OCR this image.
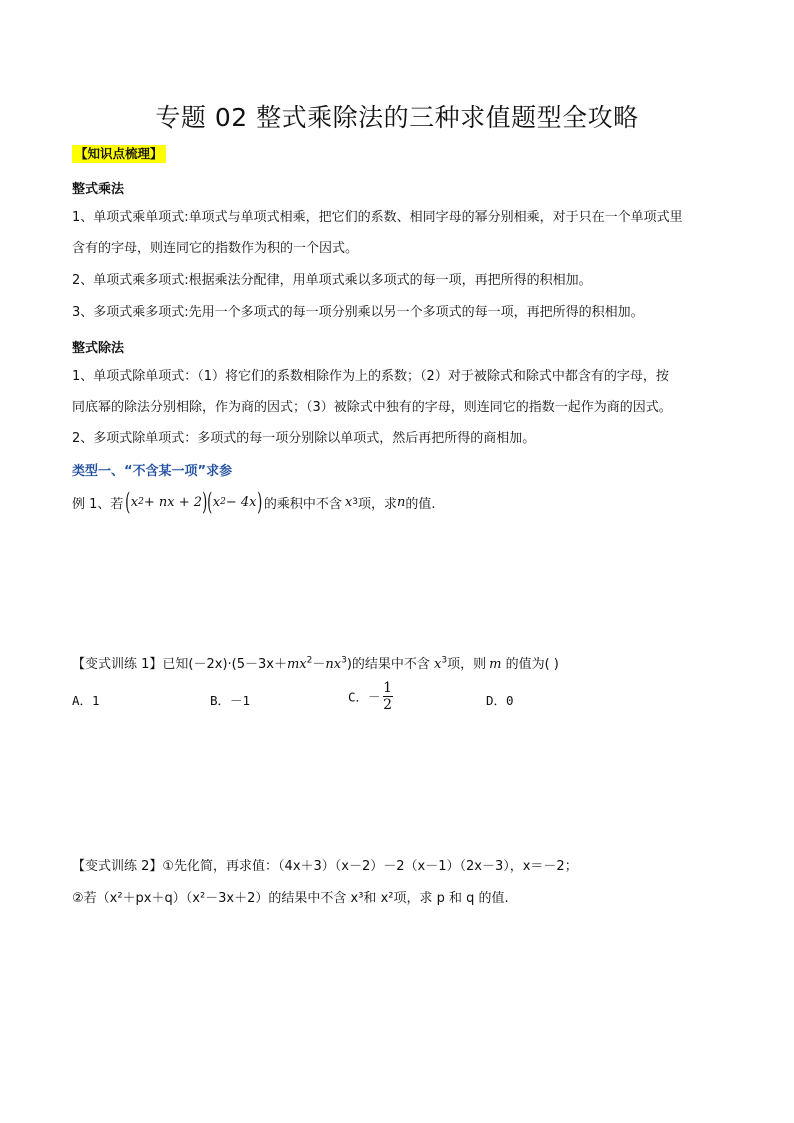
专题 02 整式乘除法的三种求值题型全攻略
【知识点梳理】
整式乘法
1、单项式乘单项式:单项式与单项式相乘，把它们的系数、相同字母的幂分别相乘，对于只在一个单项式里
含有的字母，则连同它的指数作为积的一个因式。
2、单项式乘多项式:根据乘法分配律，用单项式乘以多项式的每一项，再把所得的积相加。
3、多项式乘多项式:先用一个多项式的每一项分别乘以另一个多项式的每一项，再把所得的积相加。
整式除法
1、单项式除单项式：（1）将它们的系数相除作为上的系数；（2）对于被除式和除式中都含有的字母，按
同底幂的除法分别相除，作为商的因式；（3）被除式中独有的字母，则连同它的指数一起作为商的因式。
2、多项式除单项式：多项式的每一项分别除以单项式，然后再把所得的商相加。
类型一、“不含某一项”求参
例 1、若 ( x 2 + nx + 2 ) ( x 2 − 4x ) 的乘积中不含 x 3 项，求 n 的值.
【变式训练 1】已知$(-2x)\cdot(5-3x+mx^2-nx^3)$的结果中不含 $x^3$项，则 m 的值为( )
A．1	B．－1	C．－ $\frac{1}{2}$	D．0
【变式训练 2】①先化简，再求值：（4x＋3）（x－2）－2（x－1）（2x－3），x＝－2；
②若（x²＋px＋q）（x²－3x＋2）的结果中不含 x³和 x²项，求 p 和 q 的值.
